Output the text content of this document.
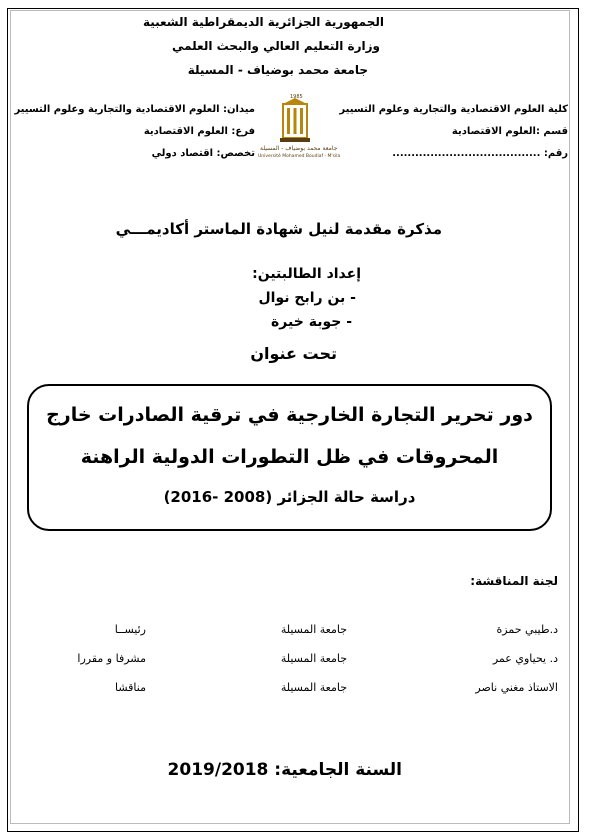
الجمهورية الجزائرية الديمقراطية الشعبية
وزارة التعليم العالي والبحث العلمي
جامعة محمد بوضياف - المسيلة
كلية العلوم الاقتصادية والتجارية وعلوم التسيير
قسم :العلوم الاقتصادية
رقم: .......................................
ميدان: العلوم الاقتصادية والتجارية وعلوم التسيير
فرع: العلوم الاقتصادية
تخصص: اقتصاد دولي
1985
جامعة محمد بوضياف - المسيلة
Université Mohamed Boudiaf - M'sila
مذكرة مقدمة لنيل شهادة الماستر أكاديمـــي
إعداد الطالبتين:
- بن رابح نوال
- جوبة خيرة
تحت عنوان
دور تحرير التجارة الخارجية في ترقية الصادرات خارج
المحروقات في ظل التطورات الدولية الراهنة
دراسة حالة الجزائر (2008 -2016)
لجنة المناقشة:
د.طيبي حمزة
جامعة المسيلة
رئيســا
د. يحياوي عمر
جامعة المسيلة
مشرفا و مقررا
الاستاذ مغني ناصر
جامعة المسيلة
مناقشا
السنة الجامعية: 2019/2018
